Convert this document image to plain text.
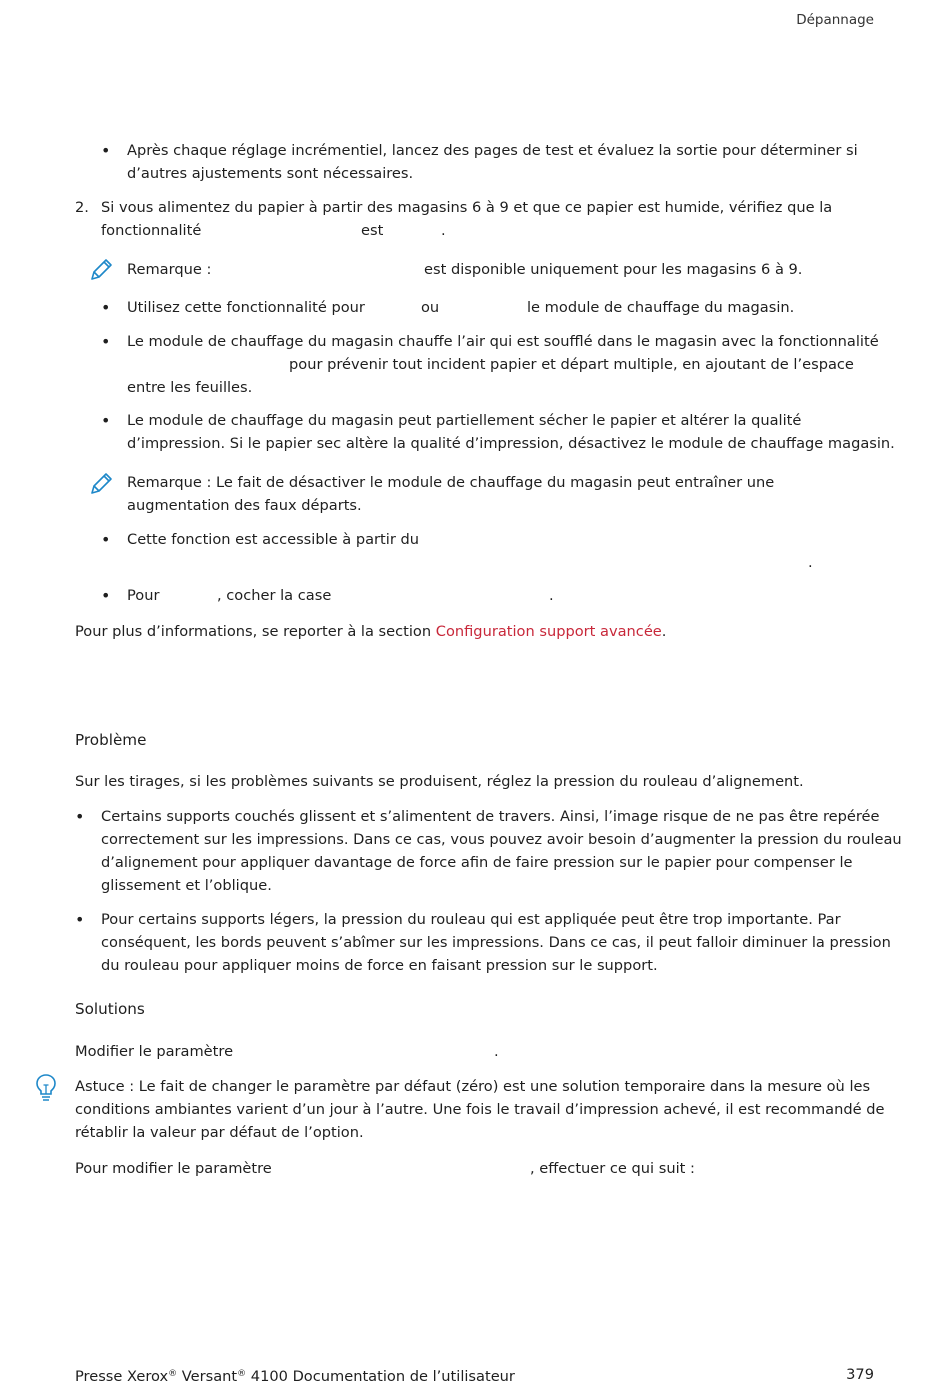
Dépannage
• Après chaque réglage incrémentiel, lancez des pages de test et évaluez la sortie pour déterminer si
d’autres ajustements sont nécessaires.
2. Si vous alimentez du papier à partir des magasins 6 à 9 et que ce papier est humide, vérifiez que la
fonctionnalité	est	.
Remarque :	est disponible uniquement pour les magasins 6 à 9.
• Utilisez cette fonctionnalité pour	ou	le module de chauffage du magasin.
• Le module de chauffage du magasin chauffe l’air qui est soufflé dans le magasin avec la fonctionnalité
pour prévenir tout incident papier et départ multiple, en ajoutant de l’espace
entre les feuilles.
• Le module de chauffage du magasin peut partiellement sécher le papier et altérer la qualité
d’impression. Si le papier sec altère la qualité d’impression, désactivez le module de chauffage magasin.
Remarque : Le fait de désactiver le module de chauffage du magasin peut entraîner une
augmentation des faux départs.
• Cette fonction est accessible à partir du
.
• Pour	, cocher la case	.
Pour plus d’informations, se reporter à la section Configuration support avancée.
Problème
Sur les tirages, si les problèmes suivants se produisent, réglez la pression du rouleau d’alignement.
• Certains supports couchés glissent et s’alimentent de travers. Ainsi, l’image risque de ne pas être repérée
correctement sur les impressions. Dans ce cas, vous pouvez avoir besoin d’augmenter la pression du rouleau
d’alignement pour appliquer davantage de force afin de faire pression sur le papier pour compenser le
glissement et l’oblique.
• Pour certains supports légers, la pression du rouleau qui est appliquée peut être trop importante. Par
conséquent, les bords peuvent s’abîmer sur les impressions. Dans ce cas, il peut falloir diminuer la pression
du rouleau pour appliquer moins de force en faisant pression sur le support.
Solutions
Modifier le paramètre	.
Astuce : Le fait de changer le paramètre par défaut (zéro) est une solution temporaire dans la mesure où les
conditions ambiantes varient d’un jour à l’autre. Une fois le travail d’impression achevé, il est recommandé de
rétablir la valeur par défaut de l’option.
Pour modifier le paramètre	, effectuer ce qui suit :
Presse Xerox® Versant® 4100 Documentation de l’utilisateur	379
